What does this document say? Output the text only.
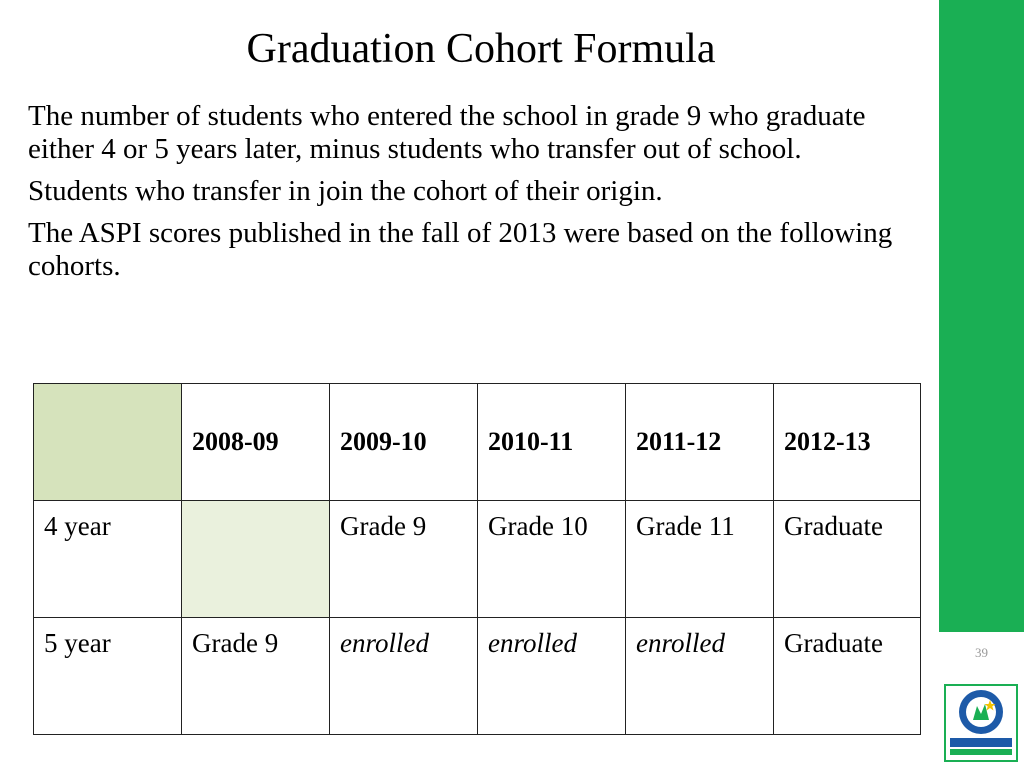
Graduation Cohort Formula

The number of students who entered the school in grade 9 who graduate either 4 or 5 years later, minus students who transfer out of school.

Students who transfer in join the cohort of their origin.

The ASPI scores published in the fall of 2013 were based on the following cohorts.

	2008-09	2009-10	2010-11	2011-12	2012-13
4 year		Grade 9	Grade 10	Grade 11	Graduate
5 year	Grade 9	enrolled	enrolled	enrolled	Graduate	39
